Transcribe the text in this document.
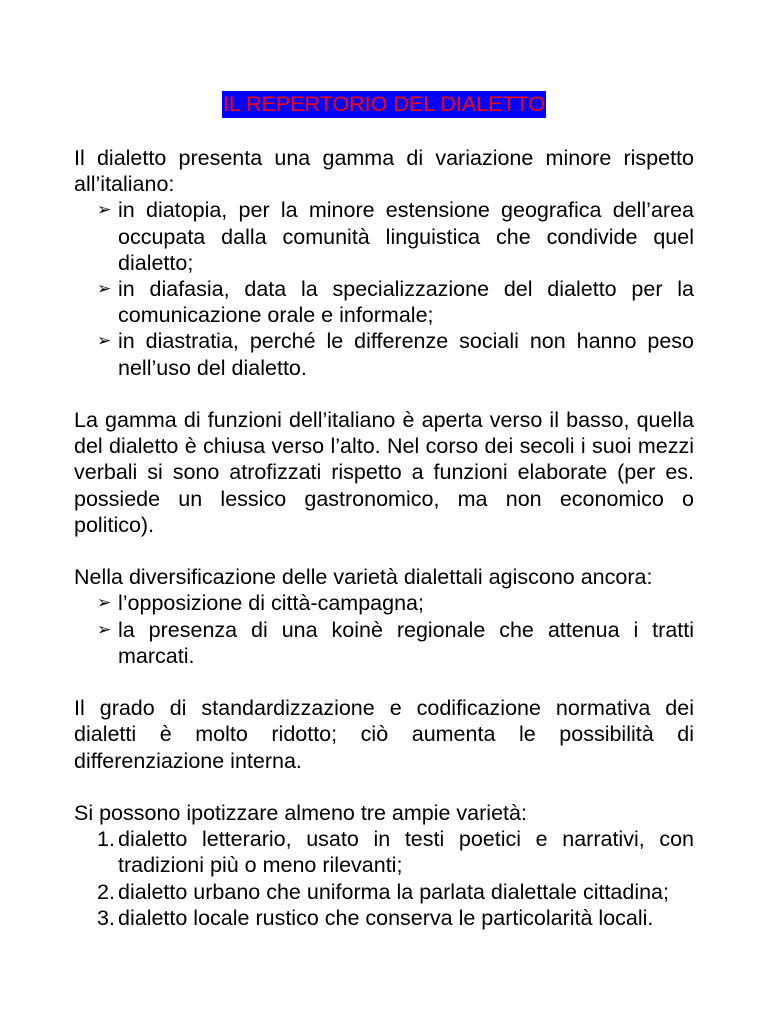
IL REPERTORIO DEL DIALETTO

Il dialetto presenta una gamma di variazione minore rispetto all’italiano:

➢ in diatopia, per la minore estensione geografica dell’area occupata dalla comunità linguistica che condivide quel dialetto;
➢ in diafasia, data la specializzazione del dialetto per la comunicazione orale e informale;
➢ in diastratia, perché le differenze sociali non hanno peso nell’uso del dialetto.

La gamma di funzioni dell’italiano è aperta verso il basso, quella del dialetto è chiusa verso l’alto. Nel corso dei secoli i suoi mezzi verbali si sono atrofizzati rispetto a funzioni elaborate (per es. possiede un lessico gastronomico, ma non economico o politico).

Nella diversificazione delle varietà dialettali agiscono ancora:

➢ l’opposizione di città-campagna;
➢ la presenza di una koinè regionale che attenua i tratti marcati.

Il grado di standardizzazione e codificazione normativa dei dialetti è molto ridotto; ciò aumenta le possibilità di differenziazione interna.

Si possono ipotizzare almeno tre ampie varietà:

1. dialetto letterario, usato in testi poetici e narrativi, con tradizioni più o meno rilevanti;
2. dialetto urbano che uniforma la parlata dialettale cittadina;
3. dialetto locale rustico che conserva le particolarità locali.
